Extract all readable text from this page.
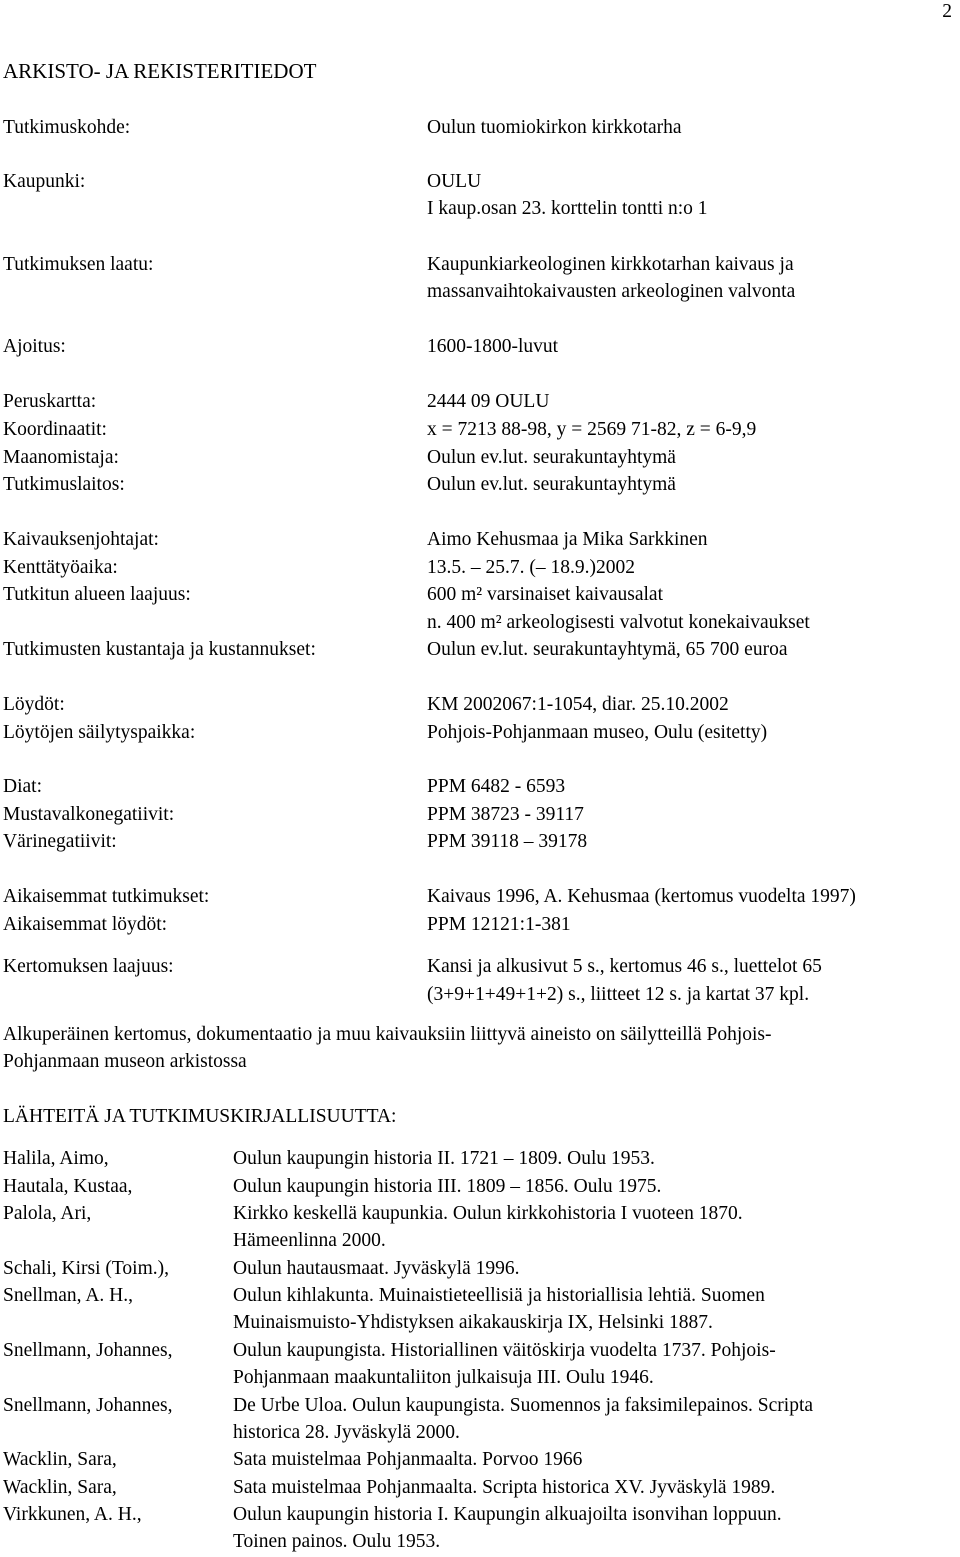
2
ARKISTO- JA REKISTERITIEDOT
Tutkimuskohde:	Oulun tuomiokirkon kirkkotarha
Kaupunki:	OULU
I kaup.osan 23. korttelin tontti n:o 1
Tutkimuksen laatu:	Kaupunkiarkeologinen kirkkotarhan kaivaus ja
massanvaihtokaivausten arkeologinen valvonta
Ajoitus:	1600-1800-luvut
Peruskartta:	2444 09 OULU
Koordinaatit:	x = 7213 88-98, y = 2569 71-82, z = 6-9,9
Maanomistaja:	Oulun ev.lut. seurakuntayhtymä
Tutkimuslaitos:	Oulun ev.lut. seurakuntayhtymä
Kaivauksenjohtajat:	Aimo Kehusmaa ja Mika Sarkkinen
Kenttätyöaika:	13.5. – 25.7. (– 18.9.)2002
Tutkitun alueen laajuus:	600 m² varsinaiset kaivausalat
n. 400 m² arkeologisesti valvotut konekaivaukset
Tutkimusten kustantaja ja kustannukset:	Oulun ev.lut. seurakuntayhtymä, 65 700 euroa
Löydöt:	KM 2002067:1-1054, diar. 25.10.2002
Löytöjen säilytyspaikka:	Pohjois-Pohjanmaan museo, Oulu (esitetty)
Diat:	PPM 6482 - 6593
Mustavalkonegatiivit:	PPM 38723 - 39117
Värinegatiivit:	PPM 39118 – 39178
Aikaisemmat tutkimukset:	Kaivaus 1996, A. Kehusmaa (kertomus vuodelta 1997)
Aikaisemmat löydöt:	PPM 12121:1-381
Kertomuksen laajuus:	Kansi ja alkusivut 5 s., kertomus 46 s., luettelot 65
(3+9+1+49+1+2) s., liitteet 12 s. ja kartat 37 kpl.
Alkuperäinen kertomus, dokumentaatio ja muu kaivauksiin liittyvä aineisto on säilytteillä Pohjois-
Pohjanmaan museon arkistossa
LÄHTEITÄ JA TUTKIMUSKIRJALLISUUTTA:
Halila, Aimo,	Oulun kaupungin historia II. 1721 – 1809. Oulu 1953.
Hautala, Kustaa,	Oulun kaupungin historia III. 1809 – 1856. Oulu 1975.
Palola, Ari,	Kirkko keskellä kaupunkia. Oulun kirkkohistoria I vuoteen 1870.
Hämeenlinna 2000.
Schali, Kirsi (Toim.),	Oulun hautausmaat. Jyväskylä 1996.
Snellman, A. H.,	Oulun kihlakunta. Muinaistieteellisiä ja historiallisia lehtiä. Suomen
Muinaismuisto-Yhdistyksen aikakauskirja IX, Helsinki 1887.
Snellmann, Johannes,	Oulun kaupungista. Historiallinen väitöskirja vuodelta 1737. Pohjois-
Pohjanmaan maakuntaliiton julkaisuja III. Oulu 1946.
Snellmann, Johannes,	De Urbe Uloa. Oulun kaupungista. Suomennos ja faksimilepainos. Scripta
historica 28. Jyväskylä 2000.
Wacklin, Sara,	Sata muistelmaa Pohjanmaalta. Porvoo 1966
Wacklin, Sara,	Sata muistelmaa Pohjanmaalta. Scripta historica XV. Jyväskylä 1989.
Virkkunen, A. H.,	Oulun kaupungin historia I. Kaupungin alkuajoilta isonvihan loppuun.
Toinen painos. Oulu 1953.
